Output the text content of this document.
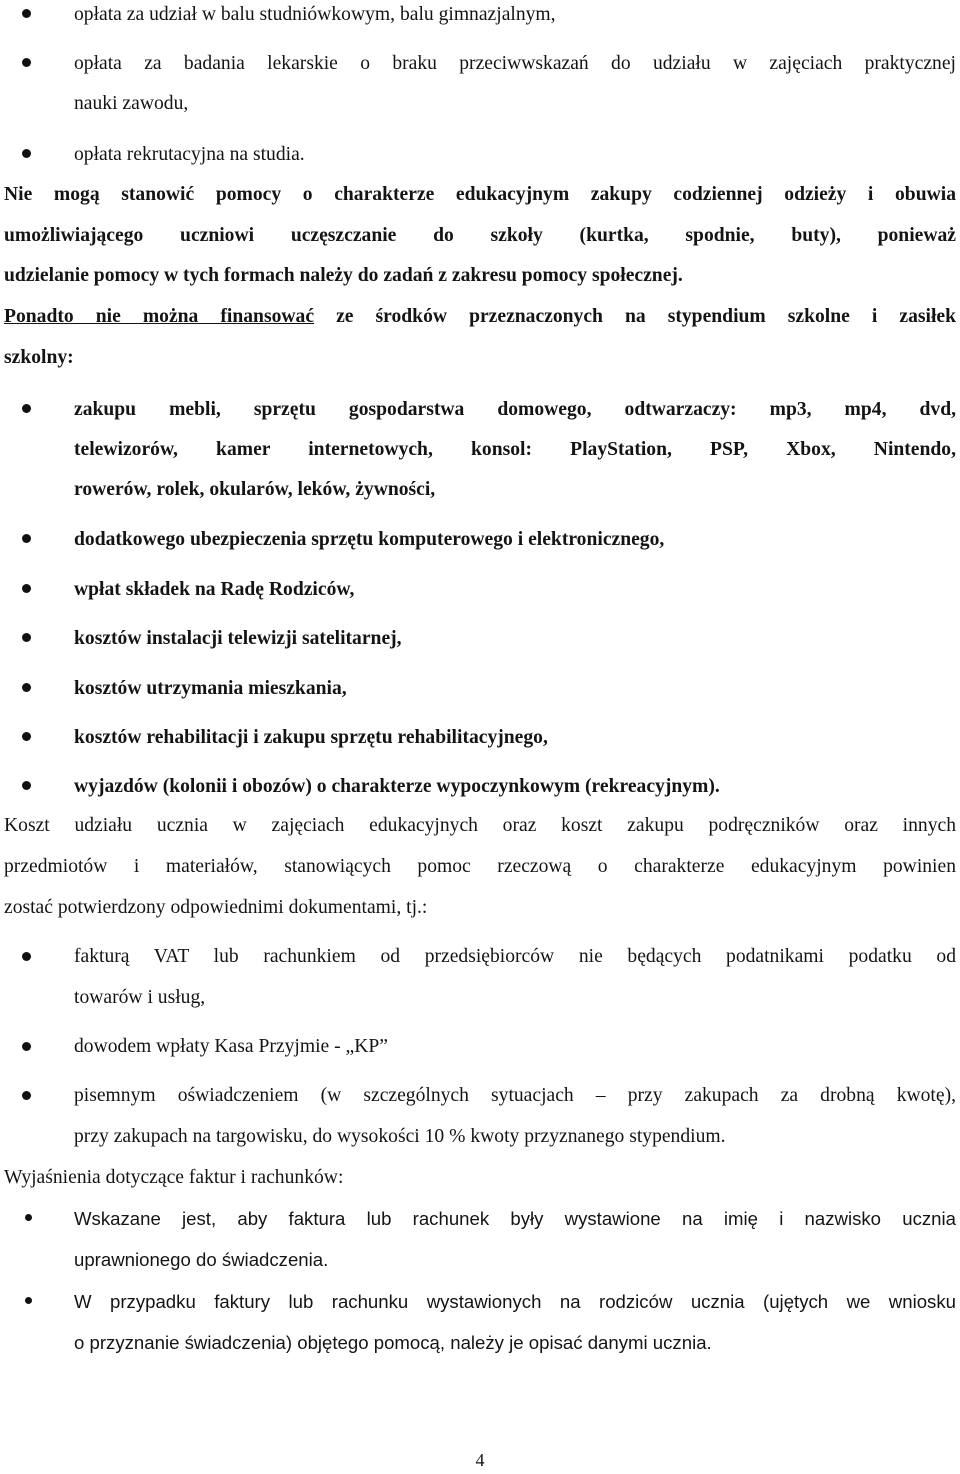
opłata za udział w balu studniówkowym, balu gimnazjalnym,
opłata za badania lekarskie o braku przeciwwskazań do udziału w zajęciach praktycznej
nauki zawodu,
opłata rekrutacyjna na studia.
Nie mogą stanowić pomocy o charakterze edukacyjnym zakupy codziennej odzieży i obuwia
umożliwiającego uczniowi uczęszczanie do szkoły (kurtka, spodnie, buty), ponieważ
udzielanie pomocy w tych formach należy do zadań z zakresu pomocy społecznej.
Ponadto nie można finansować ze środków przeznaczonych na stypendium szkolne i zasiłek
szkolny:
zakupu mebli, sprzętu gospodarstwa domowego, odtwarzaczy: mp3, mp4, dvd,
telewizorów, kamer internetowych, konsol: PlayStation, PSP, Xbox, Nintendo,
rowerów, rolek, okularów, leków, żywności,
dodatkowego ubezpieczenia sprzętu komputerowego i elektronicznego,
wpłat składek na Radę Rodziców,
kosztów instalacji telewizji satelitarnej,
kosztów utrzymania mieszkania,
kosztów rehabilitacji i zakupu sprzętu rehabilitacyjnego,
wyjazdów (kolonii i obozów) o charakterze wypoczynkowym (rekreacyjnym).
Koszt udziału ucznia w zajęciach edukacyjnych oraz koszt zakupu podręczników oraz innych
przedmiotów i materiałów, stanowiących pomoc rzeczową o charakterze edukacyjnym powinien
zostać potwierdzony odpowiednimi dokumentami, tj.:
fakturą VAT lub rachunkiem od przedsiębiorców nie będących podatnikami podatku od
towarów i usług,
dowodem wpłaty Kasa Przyjmie - „KP”
pisemnym oświadczeniem (w szczególnych sytuacjach – przy zakupach za drobną kwotę),
przy zakupach na targowisku, do wysokości 10 % kwoty przyznanego stypendium.
Wyjaśnienia dotyczące faktur i rachunków:
Wskazane jest, aby faktura lub rachunek były wystawione na imię i nazwisko ucznia
uprawnionego do świadczenia.
W przypadku faktury lub rachunku wystawionych na rodziców ucznia (ujętych we wniosku
o przyznanie świadczenia) objętego pomocą, należy je opisać danymi ucznia.
4
